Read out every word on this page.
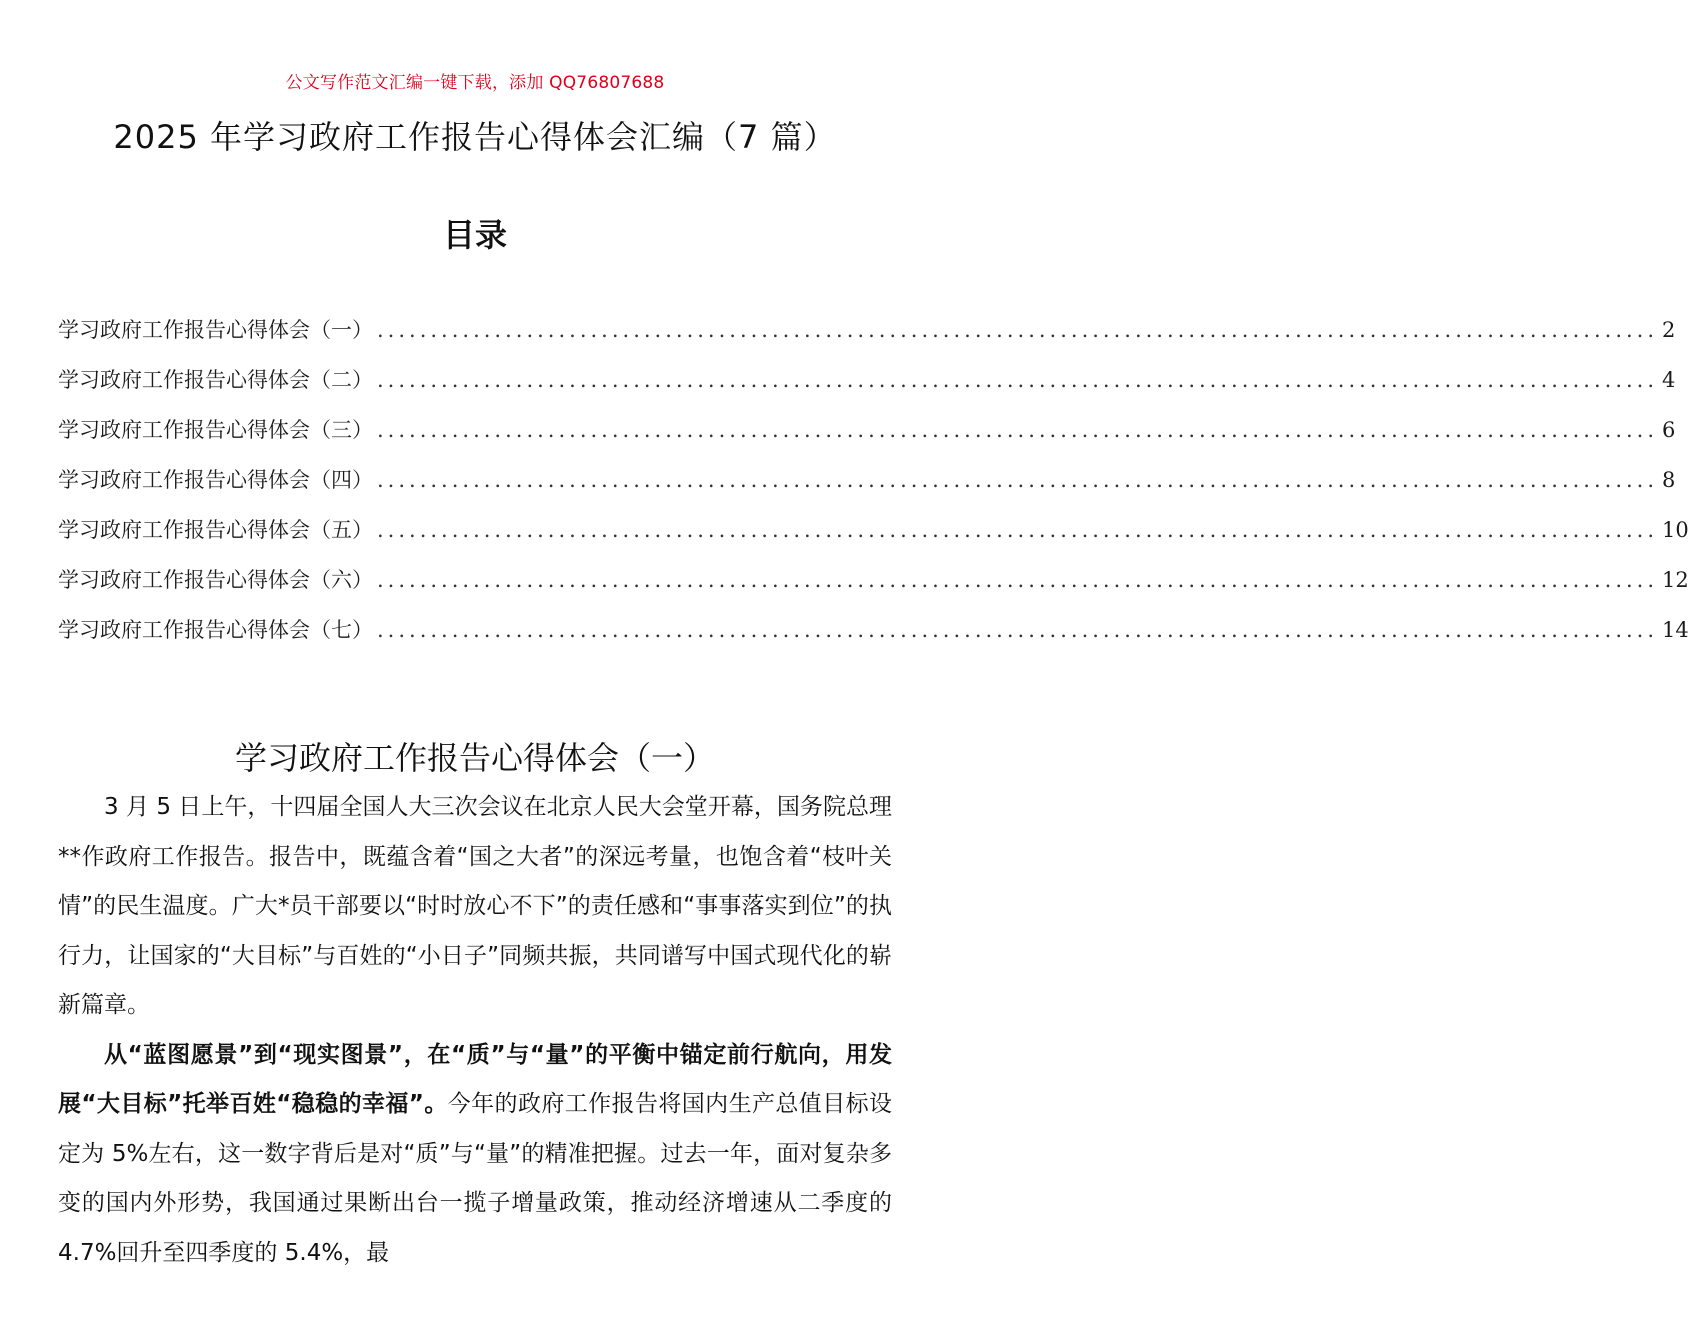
公文写作范文汇编一键下载，添加 QQ76807688
2025 年学习政府工作报告心得体会汇编（7 篇）
目录
学习政府工作报告心得体会（一） ........................................................................................................................ 2
学习政府工作报告心得体会（二） ........................................................................................................................ 4
学习政府工作报告心得体会（三） ........................................................................................................................ 6
学习政府工作报告心得体会（四） ........................................................................................................................ 8
学习政府工作报告心得体会（五） ........................................................................................................................ 10
学习政府工作报告心得体会（六） ........................................................................................................................ 12
学习政府工作报告心得体会（七） ........................................................................................................................ 14
学习政府工作报告心得体会（一）

3 月 5 日上午，十四届全国人大三次会议在北京人民大会堂开幕，国务院总理**作政府工作报告。报告中，既蕴含着“国之大者”的深远考量，也饱含着“枝叶关情”的民生温度。广大*员干部要以“时时放心不下”的责任感和“事事落实到位”的执行力，让国家的“大目标”与百姓的“小日子”同频共振，共同谱写中国式现代化的崭新篇章。

从“蓝图愿景”到“现实图景”，在“质”与“量”的平衡中锚定前行航向，用发展“大目标”托举百姓“稳稳的幸福”。今年的政府工作报告将国内生产总值目标设定为 5%左右，这一数字背后是对“质”与“量”的精准把握。过去一年，面对复杂多变的国内外形势，我国通过果断出台一揽子增量政策，推动经济增速从二季度的 4.7%回升至四季度的 5.4%，最
